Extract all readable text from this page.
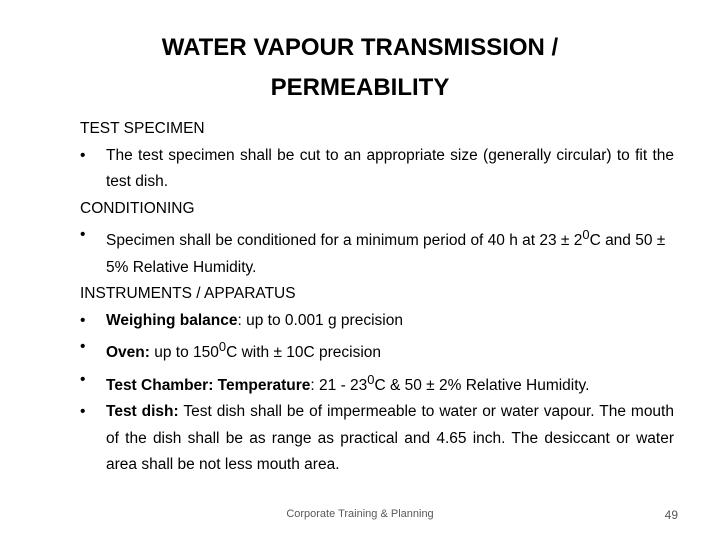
WATER VAPOUR TRANSMISSION /
PERMEABILITY
TEST SPECIMEN
•	The test specimen shall be cut to an appropriate size (generally circular) to fit the test dish.
CONDITIONING
•	Specimen shall be conditioned for a minimum period of 40 h at $23 \pm 2^0C$ and 50 ± 5% Relative Humidity.
INSTRUMENTS / APPARATUS
•	Weighing balance: up to 0.001 g precision
•	Oven: up to $150^0C$ with ± 10C precision
•	Test Chamber: Temperature: $21 - 23^0C$ & 50 ± 2% Relative Humidity.
•	Test dish: Test dish shall be of impermeable to water or water vapour. The mouth of the dish shall be as range as practical and 4.65 inch. The desiccant or water area shall be not less mouth area.
Corporate Training & Planning	49
